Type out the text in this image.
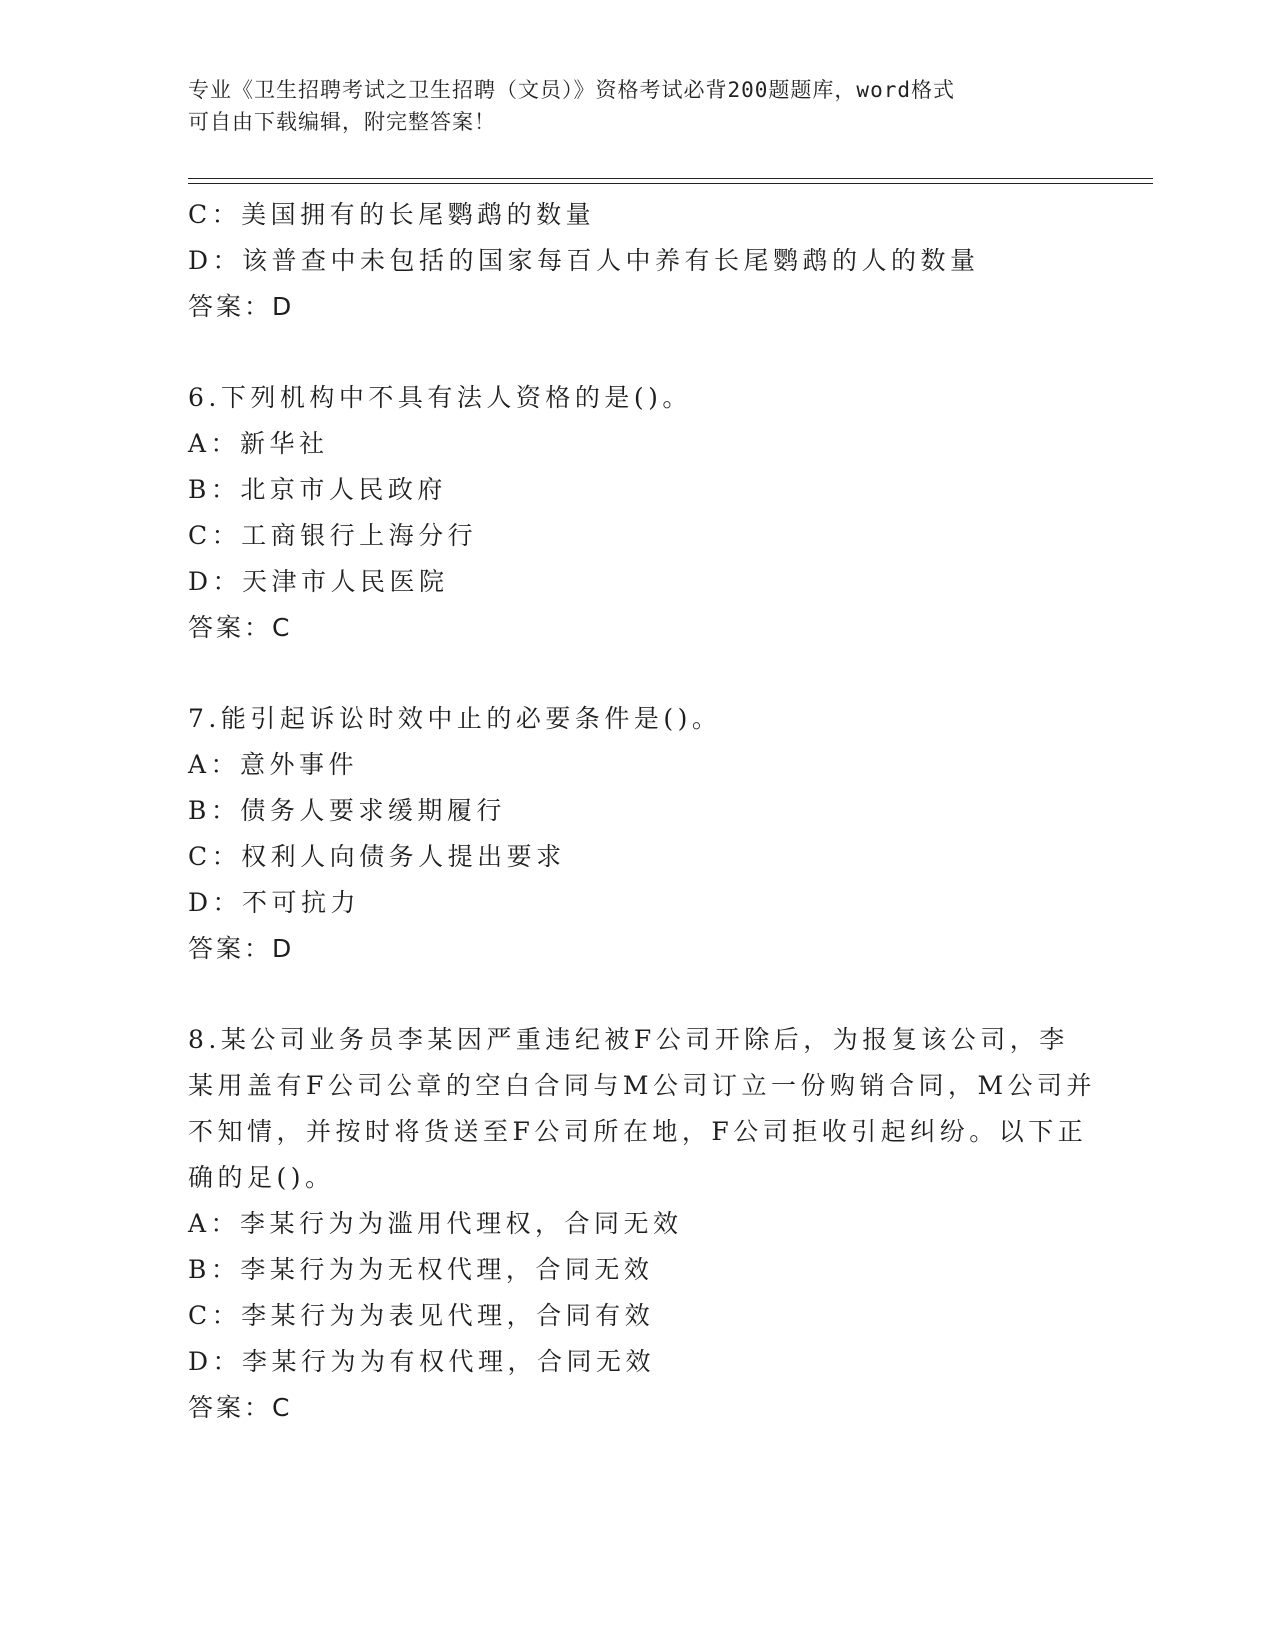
专业《卫生招聘考试之卫生招聘（文员）》资格考试必背200题题库，word格式
可自由下载编辑，附完整答案！
C：美国拥有的长尾鹦鹉的数量
D：该普查中未包括的国家每百人中养有长尾鹦鹉的人的数量
答案：D
6.下列机构中不具有法人资格的是()。
A：新华社
B：北京市人民政府
C：工商银行上海分行
D：天津市人民医院
答案：C
7.能引起诉讼时效中止的必要条件是()。
A：意外事件
B：债务人要求缓期履行
C：权利人向债务人提出要求
D：不可抗力
答案：D
8.某公司业务员李某因严重违纪被F公司开除后，为报复该公司，李
某用盖有F公司公章的空白合同与M公司订立一份购销合同，M公司并
不知情，并按时将货送至F公司所在地，F公司拒收引起纠纷。以下正
确的足()。
A：李某行为为滥用代理权，合同无效
B：李某行为为无权代理，合同无效
C：李某行为为表见代理，合同有效
D：李某行为为有权代理，合同无效
答案：C
